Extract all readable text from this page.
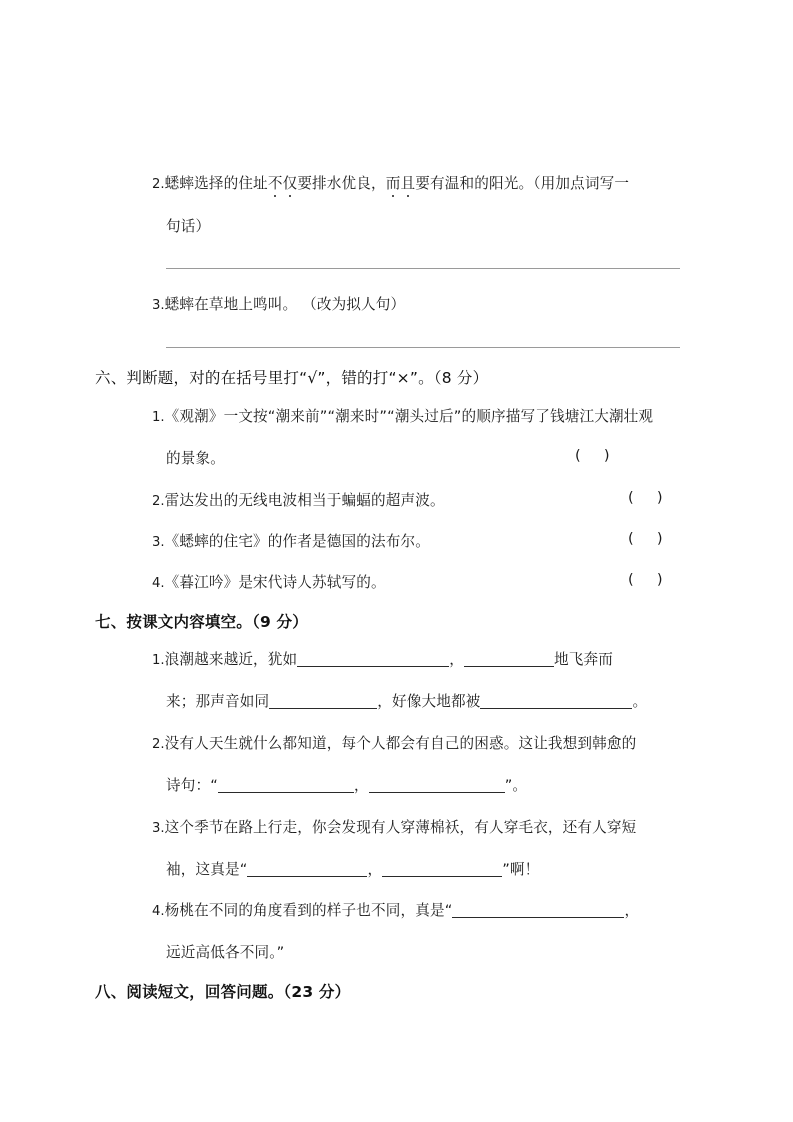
2.蟋蟀选择的住址不仅要排水优良，而且要有温和的阳光。（用加点词写一
句话）
3.蟋蟀在草地上鸣叫。 （改为拟人句）
六、判断题，对的在括号里打“√”，错的打“×”。（8 分）
1.《观潮》一文按“潮来前”“潮来时”“潮头过后”的顺序描写了钱塘江大潮壮观
的景象。	(     )
2.雷达发出的无线电波相当于蝙蝠的超声波。	(     )
3.《蟋蟀的住宅》的作者是德国的法布尔。	(     )
4.《暮江吟》是宋代诗人苏轼写的。	(     )
七、按课文内容填空。（9 分）
1.浪潮越来越近，犹如	，	地飞奔而
来；那声音如同	，好像大地都被	。
2.没有人天生就什么都知道，每个人都会有自己的困惑。这让我想到韩愈的
诗句：“	，	”。
3.这个季节在路上行走，你会发现有人穿薄棉袄，有人穿毛衣，还有人穿短
袖，这真是“	，	”啊！
4.杨桃在不同的角度看到的样子也不同，真是“	，
远近高低各不同。”
八、阅读短文，回答问题。（23 分）
